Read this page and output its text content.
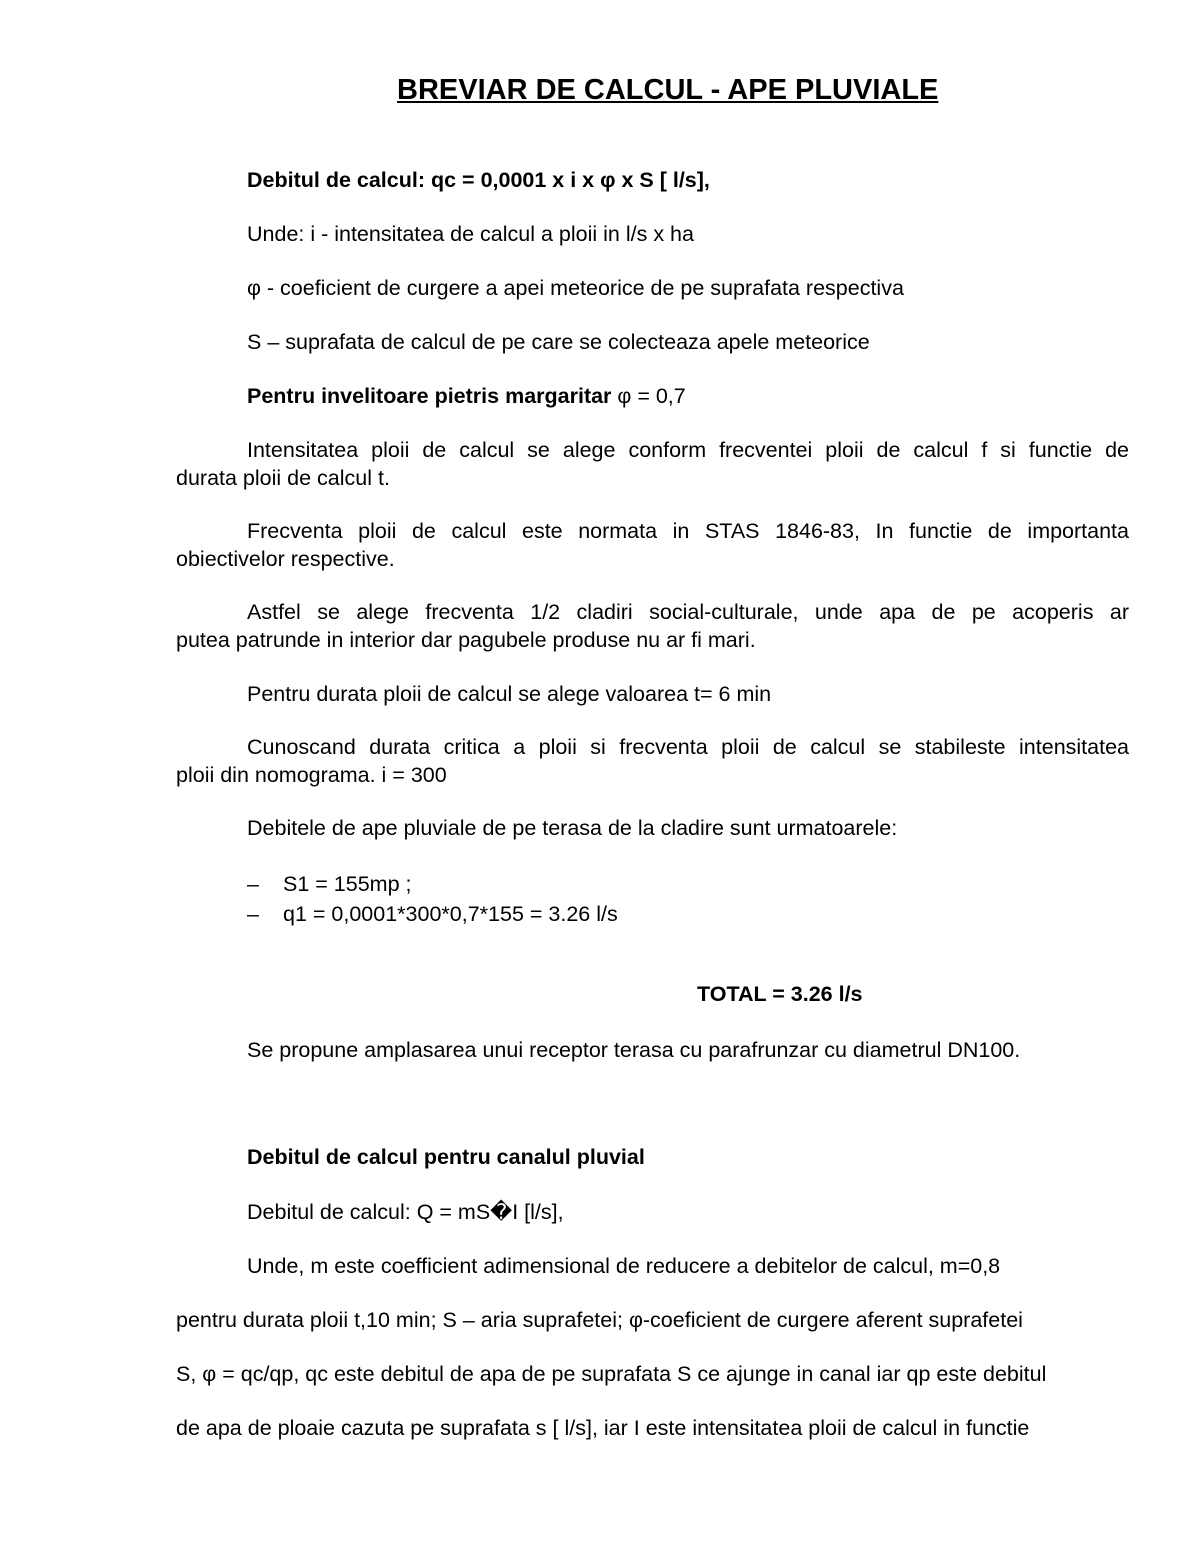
BREVIAR DE CALCUL - APE PLUVIALE
Debitul de calcul: qc = 0,0001 x i x φ x S [ l/s],
Unde: i - intensitatea de calcul a ploii in l/s x ha
φ - coeficient de curgere a apei meteorice de pe suprafata respectiva
S – suprafata de calcul de pe care se colecteaza apele meteorice
Pentru invelitoare pietris margaritar φ = 0,7
Intensitatea ploii de calcul se alege conform frecventei ploii de calcul f si functie de
durata ploii de calcul t.
Frecventa ploii de calcul este normata in STAS 1846-83, In functie de importanta
obiectivelor respective.
Astfel se alege frecventa 1/2 cladiri social-culturale, unde apa de pe acoperis ar
putea patrunde in interior dar pagubele produse nu ar fi mari.
Pentru durata ploii de calcul se alege valoarea t= 6 min
Cunoscand durata critica a ploii si frecventa ploii de calcul se stabileste intensitatea
ploii din nomograma. i = 300
Debitele de ape pluviale de pe terasa de la cladire sunt urmatoarele:
– S1 = 155mp ;
– q1 = 0,0001*300*0,7*155 = 3.26 l/s
TOTAL = 3.26 l/s
Se propune amplasarea unui receptor terasa cu parafrunzar cu diametrul DN100.
Debitul de calcul pentru canalul pluvial
Debitul de calcul: Q = mS�I [l/s],
Unde, m este coefficient adimensional de reducere a debitelor de calcul, m=0,8
pentru durata ploii t,10 min; S – aria suprafetei; φ-coeficient de curgere aferent suprafetei
S, φ = qc/qp, qc este debitul de apa de pe suprafata S ce ajunge in canal iar qp este debitul
de apa de ploaie cazuta pe suprafata s [ l/s], iar I este intensitatea ploii de calcul in functie
